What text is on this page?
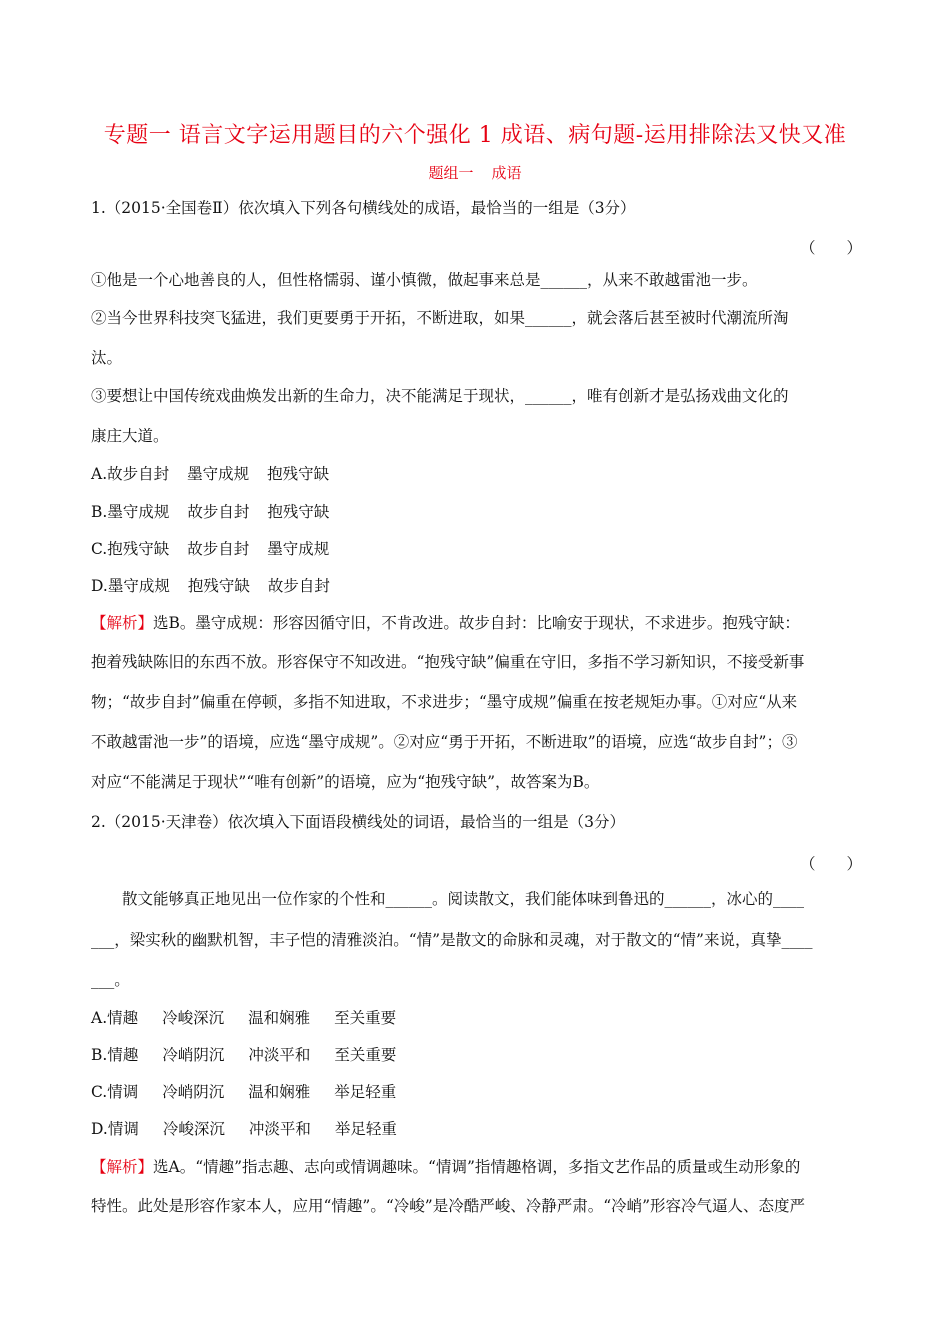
专题一 语言文字运用题目的六个强化 1 成语、病句题-运用排除法又快又准
题组一 成语
1.（2015·全国卷Ⅱ）依次填入下列各句横线处的成语，最恰当的一组是（3分）
（　　）
①他是一个心地善良的人，但性格懦弱、谨小慎微，做起事来总是______，从来不敢越雷池一步。
②当今世界科技突飞猛进，我们更要勇于开拓，不断进取，如果______，就会落后甚至被时代潮流所淘
汰。
③要想让中国传统戏曲焕发出新的生命力，决不能满足于现状，______，唯有创新才是弘扬戏曲文化的
康庄大道。
A.故步自封 墨守成规 抱残守缺
B.墨守成规 故步自封 抱残守缺
C.抱残守缺 故步自封 墨守成规
D.墨守成规 抱残守缺 故步自封
【解析】选B。墨守成规：形容因循守旧，不肯改进。故步自封：比喻安于现状，不求进步。抱残守缺：
抱着残缺陈旧的东西不放。形容保守不知改进。“抱残守缺”偏重在守旧，多指不学习新知识，不接受新事
物；“故步自封”偏重在停顿，多指不知进取，不求进步；“墨守成规”偏重在按老规矩办事。①对应“从来
不敢越雷池一步”的语境，应选“墨守成规”。②对应“勇于开拓，不断进取”的语境，应选“故步自封”；③
对应“不能满足于现状”“唯有创新”的语境，应为“抱残守缺”，故答案为B。
2.（2015·天津卷）依次填入下面语段横线处的词语，最恰当的一组是（3分）
（　　）
散文能够真正地见出一位作家的个性和______。阅读散文，我们能体味到鲁迅的______，冰心的____
___，梁实秋的幽默机智，丰子恺的清雅淡泊。“情”是散文的命脉和灵魂，对于散文的“情”来说，真挚____
___。
A.情趣 冷峻深沉 温和娴雅 至关重要
B.情趣 冷峭阴沉 冲淡平和 至关重要
C.情调 冷峭阴沉 温和娴雅 举足轻重
D.情调 冷峻深沉 冲淡平和 举足轻重
【解析】选A。“情趣”指志趣、志向或情调趣味。“情调”指情趣格调，多指文艺作品的质量或生动形象的
特性。此处是形容作家本人，应用“情趣”。“冷峻”是冷酷严峻、冷静严肃。“冷峭”形容冷气逼人、态度严
